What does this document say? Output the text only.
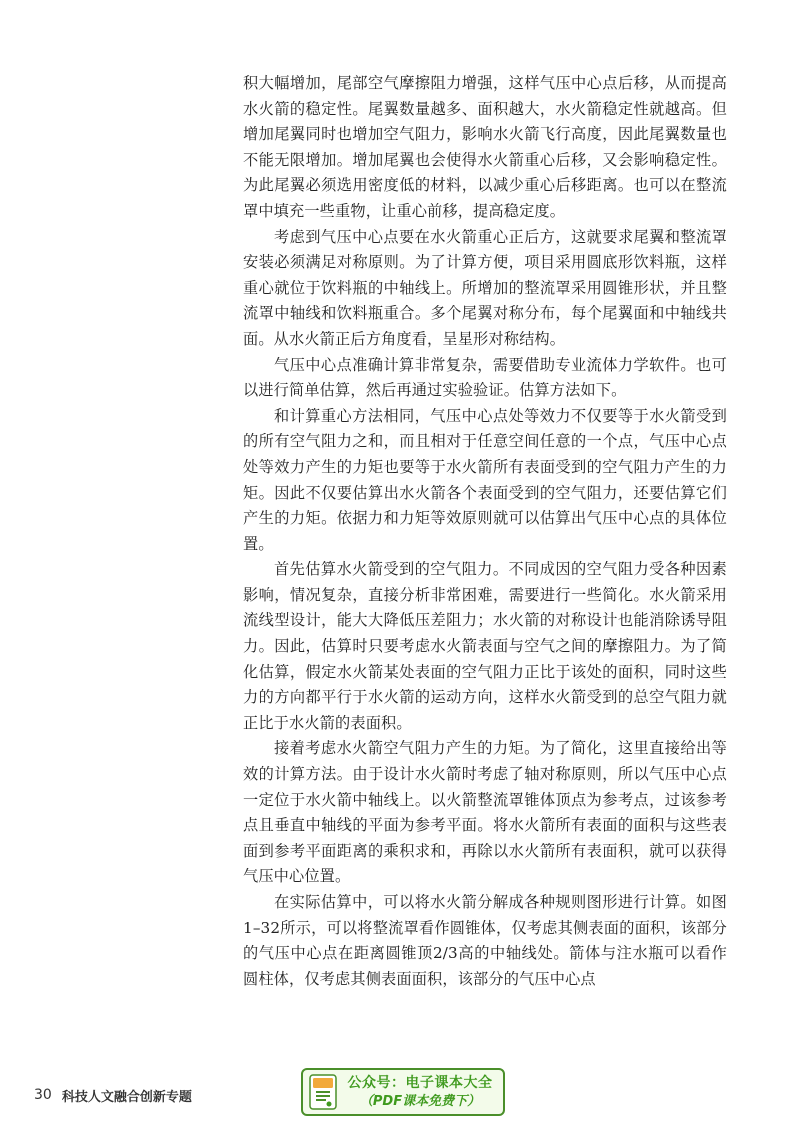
积大幅增加，尾部空气摩擦阻力增强，这样气压中心点后移，从而提高水火箭的稳定性。尾翼数量越多、面积越大，水火箭稳定性就越高。但增加尾翼同时也增加空气阻力，影响水火箭飞行高度，因此尾翼数量也不能无限增加。增加尾翼也会使得水火箭重心后移，又会影响稳定性。为此尾翼必须选用密度低的材料，以减少重心后移距离。也可以在整流罩中填充一些重物，让重心前移，提高稳定度。

考虑到气压中心点要在水火箭重心正后方，这就要求尾翼和整流罩安装必须满足对称原则。为了计算方便，项目采用圆底形饮料瓶，这样重心就位于饮料瓶的中轴线上。所增加的整流罩采用圆锥形状，并且整流罩中轴线和饮料瓶重合。多个尾翼对称分布，每个尾翼面和中轴线共面。从水火箭正后方角度看，呈星形对称结构。

气压中心点准确计算非常复杂，需要借助专业流体力学软件。也可以进行简单估算，然后再通过实验验证。估算方法如下。

和计算重心方法相同，气压中心点处等效力不仅要等于水火箭受到的所有空气阻力之和，而且相对于任意空间任意的一个点，气压中心点处等效力产生的力矩也要等于水火箭所有表面受到的空气阻力产生的力矩。因此不仅要估算出水火箭各个表面受到的空气阻力，还要估算它们产生的力矩。依据力和力矩等效原则就可以估算出气压中心点的具体位置。

首先估算水火箭受到的空气阻力。不同成因的空气阻力受各种因素影响，情况复杂，直接分析非常困难，需要进行一些简化。水火箭采用流线型设计，能大大降低压差阻力；水火箭的对称设计也能消除诱导阻力。因此，估算时只要考虑水火箭表面与空气之间的摩擦阻力。为了简化估算，假定水火箭某处表面的空气阻力正比于该处的面积，同时这些力的方向都平行于水火箭的运动方向，这样水火箭受到的总空气阻力就正比于水火箭的表面积。

接着考虑水火箭空气阻力产生的力矩。为了简化，这里直接给出等效的计算方法。由于设计水火箭时考虑了轴对称原则，所以气压中心点一定位于水火箭中轴线上。以火箭整流罩锥体顶点为参考点，过该参考点且垂直中轴线的平面为参考平面。将水火箭所有表面的面积与这些表面到参考平面距离的乘积求和，再除以水火箭所有表面积，就可以获得气压中心位置。

在实际估算中，可以将水火箭分解成各种规则图形进行计算。如图1–32所示，可以将整流罩看作圆锥体，仅考虑其侧表面的面积，该部分的气压中心点在距离圆锥顶2/3高的中轴线处。箭体与注水瓶可以看作圆柱体，仅考虑其侧表面面积，该部分的气压中心点

30 科技人文融合创新专题
公众号：电子课本大全
（PDF课本免费下）
